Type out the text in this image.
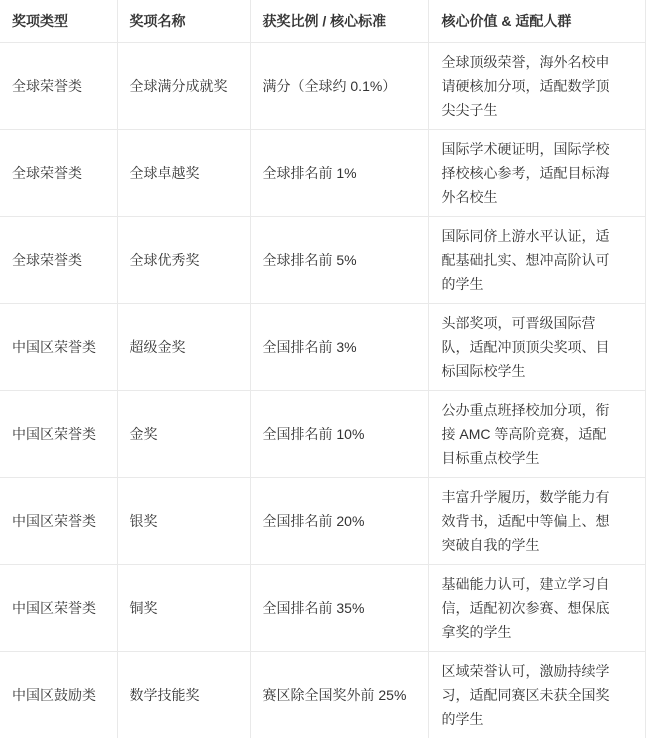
奖项类型	奖项名称	获奖比例 / 核心标准	核心价值 & 适配人群
全球荣誉类	全球满分成就奖	满分（全球约 0.1%）	全球顶级荣誉，海外名校申请硬核加分项，适配数学顶尖尖子生
全球荣誉类	全球卓越奖	全球排名前 1%	国际学术硬证明，国际学校择校核心参考，适配目标海外名校生
全球荣誉类	全球优秀奖	全球排名前 5%	国际同侪上游水平认证，适配基础扎实、想冲高阶认可的学生
中国区荣誉类	超级金奖	全国排名前 3%	头部奖项，可晋级国际营队，适配冲顶顶尖奖项、目标国际校学生
中国区荣誉类	金奖	全国排名前 10%	公办重点班择校加分项，衔接 AMC 等高阶竞赛，适配目标重点校学生
中国区荣誉类	银奖	全国排名前 20%	丰富升学履历，数学能力有效背书，适配中等偏上、想突破自我的学生
中国区荣誉类	铜奖	全国排名前 35%	基础能力认可，建立学习自信，适配初次参赛、想保底拿奖的学生
中国区鼓励类	数学技能奖	赛区除全国奖外前 25%	区域荣誉认可，激励持续学习，适配同赛区未获全国奖的学生
